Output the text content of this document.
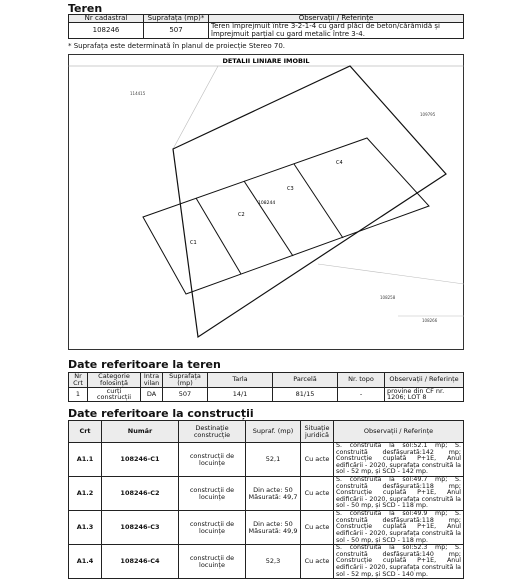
Teren
Nr cadastral	Suprafața (mp)*	Observații / Referințe
108246	507	Teren împrejmuit între 3-2-1-4 cu gard plăci de beton/cărămidă și împrejmuit parțial cu gard metalic între 3-4.
* Suprafața este determinată în planul de proiecție Stereo 70.
DETALII LINIARE IMOBIL
C1
C2
C3
C4
108244
114415
109795
108258
108266
Date referitoare la teren
Nr Crt	Categorie folosință	Intra vilan	Suprafața (mp)	Tarla	Parcelă	Nr. topo	Observații / Referințe
1	curți construcții	DA	507	14/1	81/15	-	provine din CF nr. 1206; LOT 8
Date referitoare la construcții
Crt	Număr	Destinație construcție	Supraf. (mp)	Situație juridică	Observații / Referințe
A1.1	108246-C1	construcții de locuințe	52,1	Cu acte	S. construită la sol:52.1 mp; S. construită desfășurată:142 mp; Construcție cuplată P+1E, Anul edificării - 2020, suprafața construită la sol - 52 mp, și SCD - 142 mp.
A1.2	108246-C2	construcții de locuințe	Din acte: 50 Măsurată: 49,7	Cu acte	S. construită la sol:49.7 mp; S. construită desfășurată:118 mp; Construcție cuplată P+1E, Anul edificării - 2020, suprafața construită la sol - 50 mp, și SCD - 118 mp.
A1.3	108246-C3	construcții de locuințe	Din acte: 50 Măsurată: 49,9	Cu acte	S. construită la sol:49.9 mp; S. construită desfășurată:118 mp; Construcție cuplată P+1E, Anul edificării - 2020, suprafața construită la sol - 50 mp, și SCD - 118 mp.
A1.4	108246-C4	construcții de locuințe	52,3	Cu acte	S. construită la sol:52.3 mp; S. construită desfășurată:140 mp; Construcție cuplată P+1E, Anul edificării - 2020, suprafața construită la sol - 52 mp, și SCD - 140 mp.
